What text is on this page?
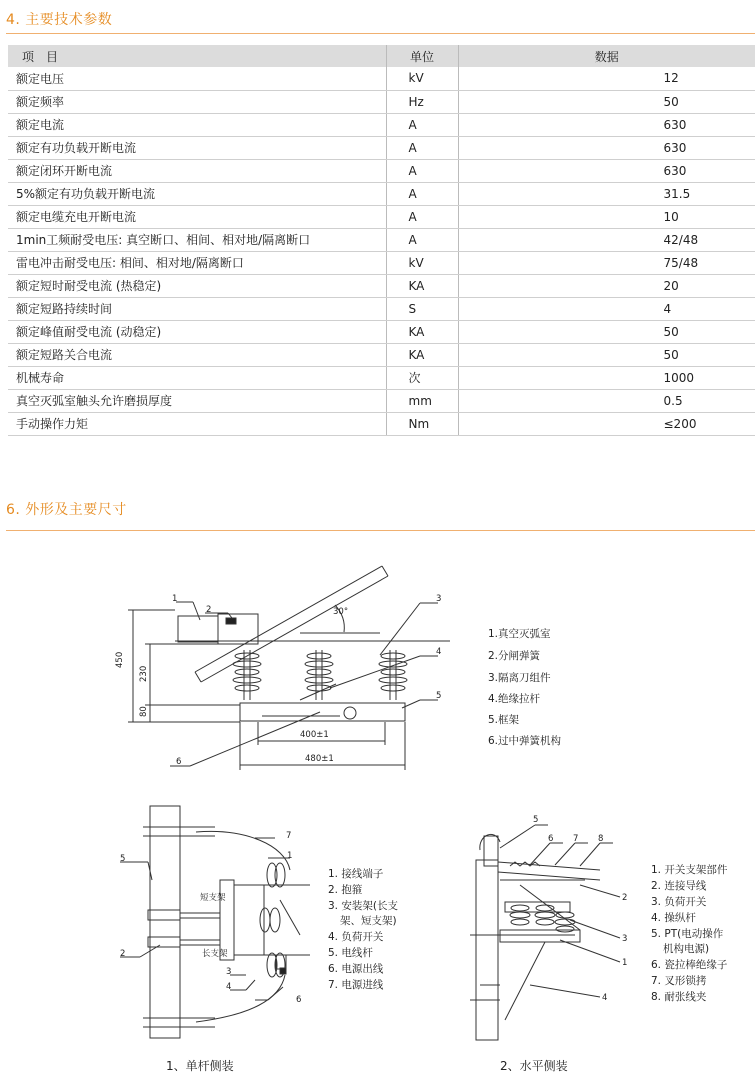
4. 主要技术参数
项　目	单位	数据
额定电压	kV	12
额定频率	Hz	50
额定电流	A	630
额定有功负载开断电流	A	630
额定闭环开断电流	A	630
5%额定有功负载开断电流	A	31.5
额定电缆充电开断电流	A	10
1min工频耐受电压: 真空断口、相间、相对地/隔离断口	A	42/48
雷电冲击耐受电压: 相间、相对地/隔离断口	kV	75/48
额定短时耐受电流 (热稳定)	KA	20
额定短路持续时间	S	4
额定峰值耐受电流 (动稳定)	KA	50
额定短路关合电流	KA	50
机械寿命	次	1000
真空灭弧室触头允许磨损厚度	mm	0.5
手动操作力矩	Nm	≤200
6. 外形及主要尺寸
450
230
80
400±1
480±1
30°
1
2
3
4
5
6
1.真空灭弧室
2.分闸弹簧
3.隔离刀组件
4.绝缘拉杆
5.框架
6.过中弹簧机构
7
1
5
2
3
4
6
短支架
长支架
1. 接线端子
2. 抱箍
3. 安装架(长支
架、短支架)
4. 负荷开关
5. 电线杆
6. 电源出线
7. 电源进线
5
6 7 8
2
3
1
4
1. 开关支架部件
2. 连接导线
3. 负荷开关
4. 操纵杆
5. PT(电动操作
机构电源)
6. 瓷拉棒绝缘子
7. 叉形锁拷
8. 耐张线夹
1、单杆侧装	2、水平侧装
